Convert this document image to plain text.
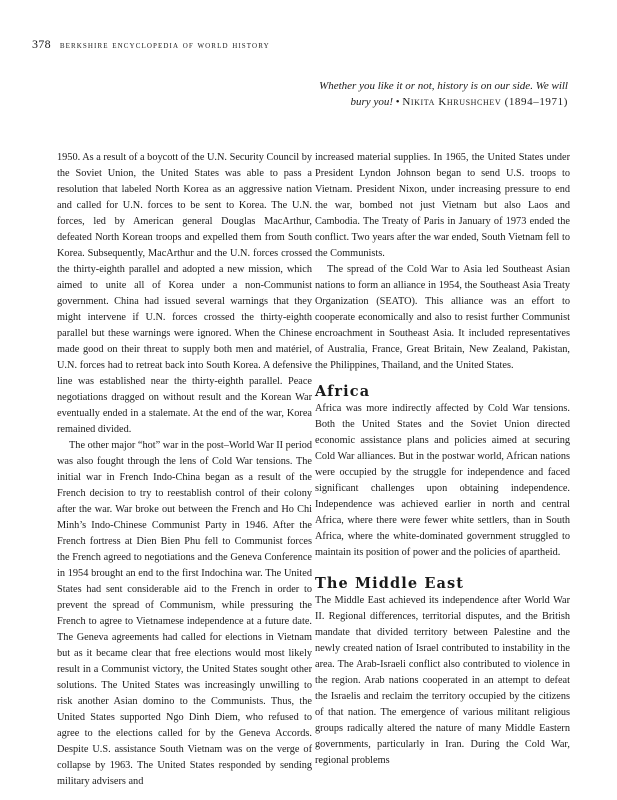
378 berkshire encyclopedia of world history
Whether you like it or not, history is on our side. We will bury you! • Nikita Khrushchev (1894–1971)

1950. As a result of a boycott of the U.N. Security Council by the Soviet Union, the United States was able to pass a resolution that labeled North Korea as an aggressive nation and called for U.N. forces to be sent to Korea. The U.N. forces, led by American general Douglas MacArthur, defeated North Korean troops and expelled them from South Korea. Subsequently, MacArthur and the U.N. forces crossed the thirty-eighth parallel and adopted a new mission, which aimed to unite all of Korea under a non-Communist government. China had issued several warnings that they might intervene if U.N. forces crossed the thirty-eighth parallel but these warnings were ignored. When the Chinese made good on their threat to supply both men and matériel, U.N. forces had to retreat back into South Korea. A defensive line was established near the thirty-eighth parallel. Peace negotiations dragged on without result and the Korean War eventually ended in a stalemate. At the end of the war, Korea remained divided.

The other major “hot” war in the post–World War II period was also fought through the lens of Cold War tensions. The initial war in French Indo-China began as a result of the French decision to try to reestablish control of their colony after the war. War broke out between the French and Ho Chi Minh’s Indo-Chinese Communist Party in 1946. After the French fortress at Dien Bien Phu fell to Communist forces the French agreed to negotiations and the Geneva Conference in 1954 brought an end to the first Indochina war. The United States had sent considerable aid to the French in order to prevent the spread of Communism, while pressuring the French to agree to Vietnamese independence at a future date. The Geneva agreements had called for elections in Vietnam but as it became clear that free elections would most likely result in a Communist victory, the United States sought other solutions. The United States was increasingly unwilling to risk another Asian domino to the Communists. Thus, the United States supported Ngo Dinh Diem, who refused to agree to the elections called for by the Geneva Accords. Despite U.S. assistance South Vietnam was on the verge of collapse by 1963. The United States responded by sending military advisers and

increased material supplies. In 1965, the United States under President Lyndon Johnson began to send U.S. troops to Vietnam. President Nixon, under increasing pressure to end the war, bombed not just Vietnam but also Laos and Cambodia. The Treaty of Paris in January of 1973 ended the conflict. Two years after the war ended, South Vietnam fell to the Communists.

The spread of the Cold War to Asia led Southeast Asian nations to form an alliance in 1954, the Southeast Asia Treaty Organization (SEATO). This alliance was an effort to cooperate economically and also to resist further Communist encroachment in Southeast Asia. It included representatives of Australia, France, Great Britain, New Zealand, Pakistan, the Philippines, Thailand, and the United States.

Africa

Africa was more indirectly affected by Cold War tensions. Both the United States and the Soviet Union directed economic assistance plans and policies aimed at securing Cold War alliances. But in the postwar world, African nations were occupied by the struggle for independence and faced significant challenges upon obtaining independence. Independence was achieved earlier in north and central Africa, where there were fewer white settlers, than in South Africa, where the white-dominated government struggled to maintain its position of power and the policies of apartheid.

The Middle East

The Middle East achieved its independence after World War II. Regional differences, territorial disputes, and the British mandate that divided territory between Palestine and the newly created nation of Israel contributed to instability in the area. The Arab-Israeli conflict also contributed to violence in the region. Arab nations cooperated in an attempt to defeat the Israelis and reclaim the territory occupied by the citizens of that nation. The emergence of various militant religious groups radically altered the nature of many Middle Eastern governments, particularly in Iran. During the Cold War, regional problems
